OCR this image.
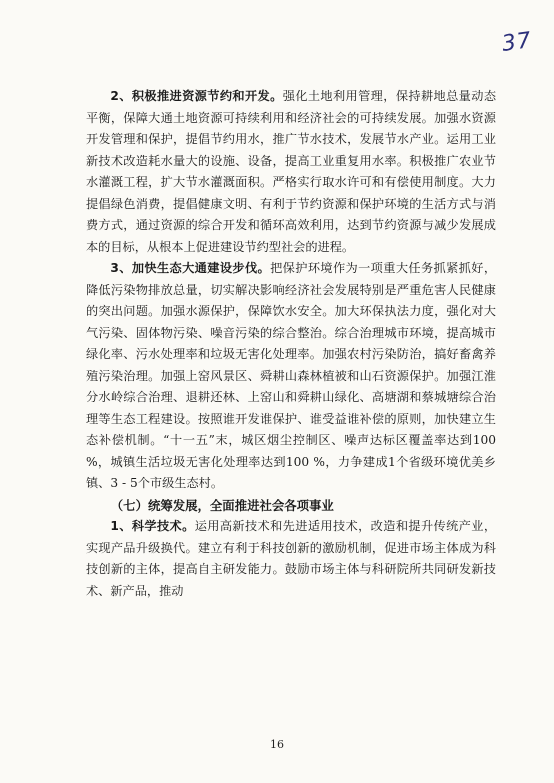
37

2、积极推进资源节约和开发。强化土地利用管理，保持耕地总量动态平衡，保障大通土地资源可持续利用和经济社会的可持续发展。加强水资源开发管理和保护，提倡节约用水，推广节水技术，发展节水产业。运用工业新技术改造耗水量大的设施、设备，提高工业重复用水率。积极推广农业节水灌溉工程，扩大节水灌溉面积。严格实行取水许可和有偿使用制度。大力提倡绿色消费，提倡健康文明、有利于节约资源和保护环境的生活方式与消费方式，通过资源的综合开发和循环高效利用，达到节约资源与减少发展成本的目标，从根本上促进建设节约型社会的进程。

3、加快生态大通建设步伐。把保护环境作为一项重大任务抓紧抓好，降低污染物排放总量，切实解决影响经济社会发展特别是严重危害人民健康的突出问题。加强水源保护，保障饮水安全。加大环保执法力度，强化对大气污染、固体物污染、噪音污染的综合整治。综合治理城市环境，提高城市绿化率、污水处理率和垃圾无害化处理率。加强农村污染防治，搞好畜禽养殖污染治理。加强上窑风景区、舜耕山森林植被和山石资源保护。加强江淮分水岭综合治理、退耕还林、上窑山和舜耕山绿化、高塘湖和蔡城塘综合治理等生态工程建设。按照谁开发谁保护、谁受益谁补偿的原则，加快建立生态补偿机制。“十一五”末，城区烟尘控制区、噪声达标区覆盖率达到100 %，城镇生活垃圾无害化处理率达到100 %，力争建成1个省级环境优美乡镇、3 - 5个市级生态村。

（七）统筹发展，全面推进社会各项事业

1、科学技术。运用高新技术和先进适用技术，改造和提升传统产业，实现产品升级换代。建立有利于科技创新的激励机制，促进市场主体成为科技创新的主体，提高自主研发能力。鼓励市场主体与科研院所共同研发新技术、新产品，推动

16
